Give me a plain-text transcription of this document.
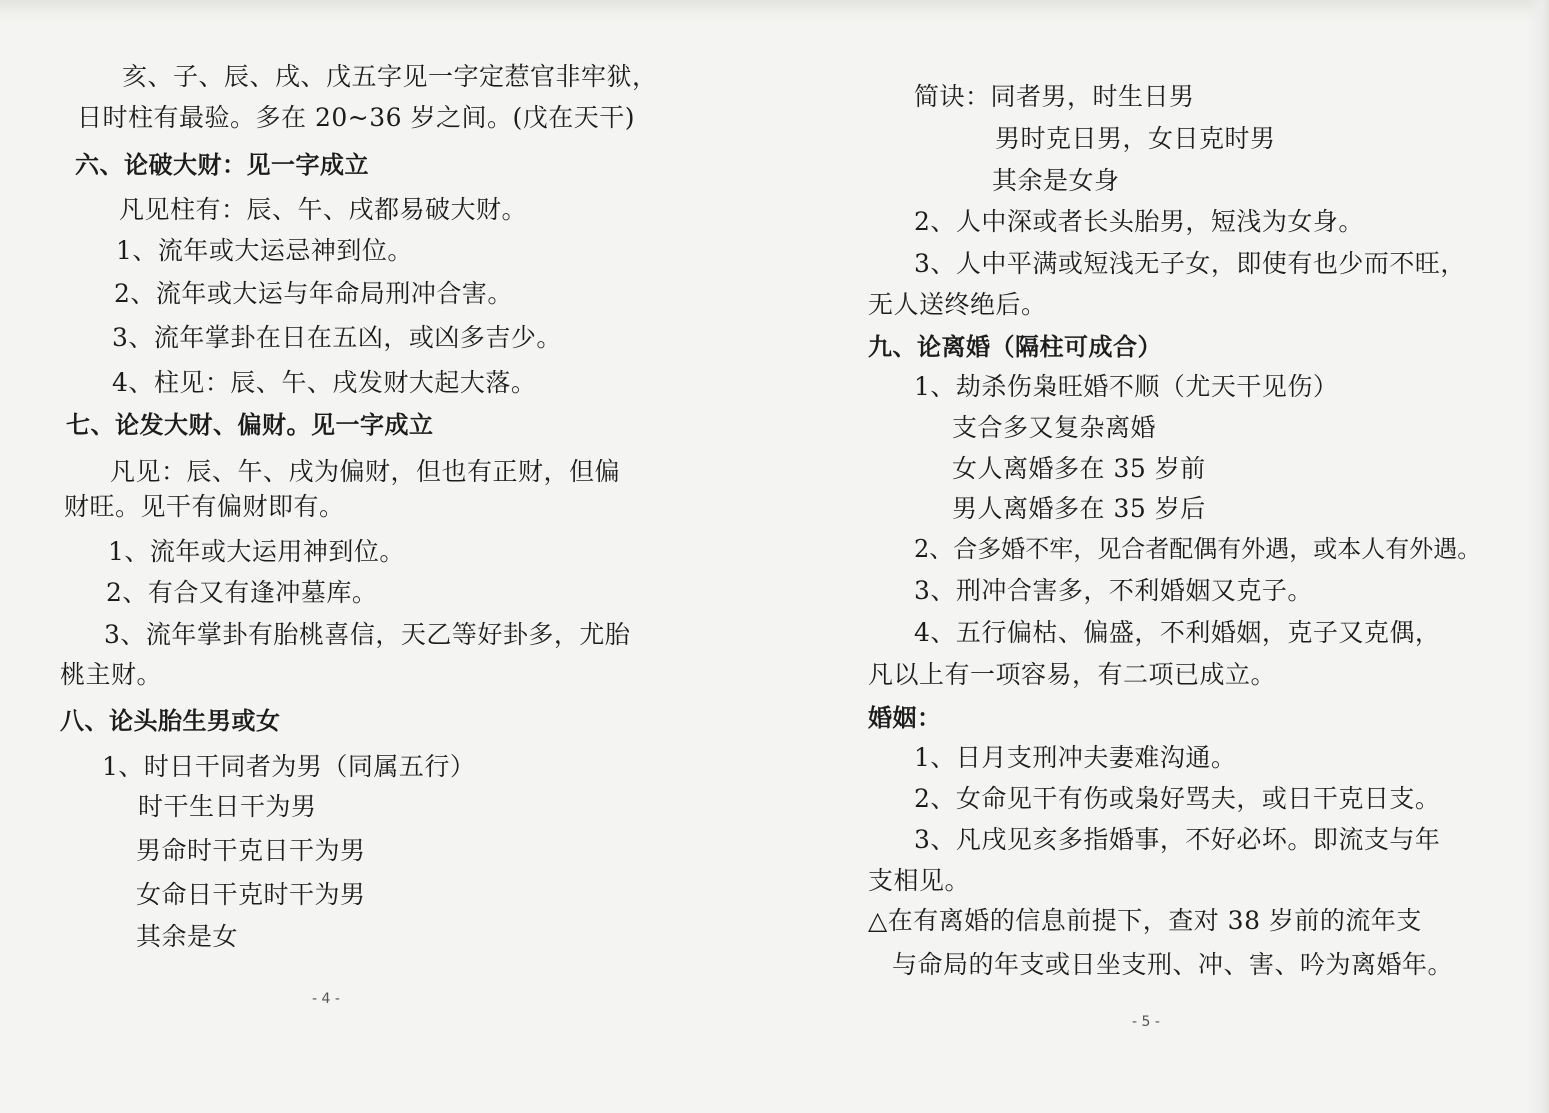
亥、子、辰、戌、戊五字见一字定惹官非牢狱，
日时柱有最验。多在 20~36 岁之间。(戊在天干)
六、论破大财：见一字成立
凡见柱有：辰、午、戌都易破大财。
1、流年或大运忌神到位。
2、流年或大运与年命局刑冲合害。
3、流年掌卦在日在五凶，或凶多吉少。
4、柱见：辰、午、戌发财大起大落。
七、论发大财、偏财。见一字成立
凡见：辰、午、戌为偏财，但也有正财，但偏
财旺。见干有偏财即有。
1、流年或大运用神到位。
2、有合又有逢冲墓库。
3、流年掌卦有胎桃喜信，天乙等好卦多，尤胎
桃主财。
八、论头胎生男或女
1、时日干同者为男（同属五行）
时干生日干为男
男命时干克日干为男
女命日干克时干为男
其余是女
- 4 -
简诀：同者男，时生日男
男时克日男，女日克时男
其余是女身
2、人中深或者长头胎男，短浅为女身。
3、人中平满或短浅无子女，即使有也少而不旺，
无人送终绝后。
九、论离婚（隔柱可成合）
1、劫杀伤枭旺婚不顺（尤天干见伤）
支合多又复杂离婚
女人离婚多在 35 岁前
男人离婚多在 35 岁后
2、合多婚不牢，见合者配偶有外遇，或本人有外遇。
3、刑冲合害多，不利婚姻又克子。
4、五行偏枯、偏盛，不利婚姻，克子又克偶，
凡以上有一项容易，有二项已成立。
婚姻：
1、日月支刑冲夫妻难沟通。
2、女命见干有伤或枭好骂夫，或日干克日支。
3、凡戌见亥多指婚事，不好必坏。即流支与年
支相见。
△在有离婚的信息前提下，查对 38 岁前的流年支
与命局的年支或日坐支刑、冲、害、吟为离婚年。
- 5 -
